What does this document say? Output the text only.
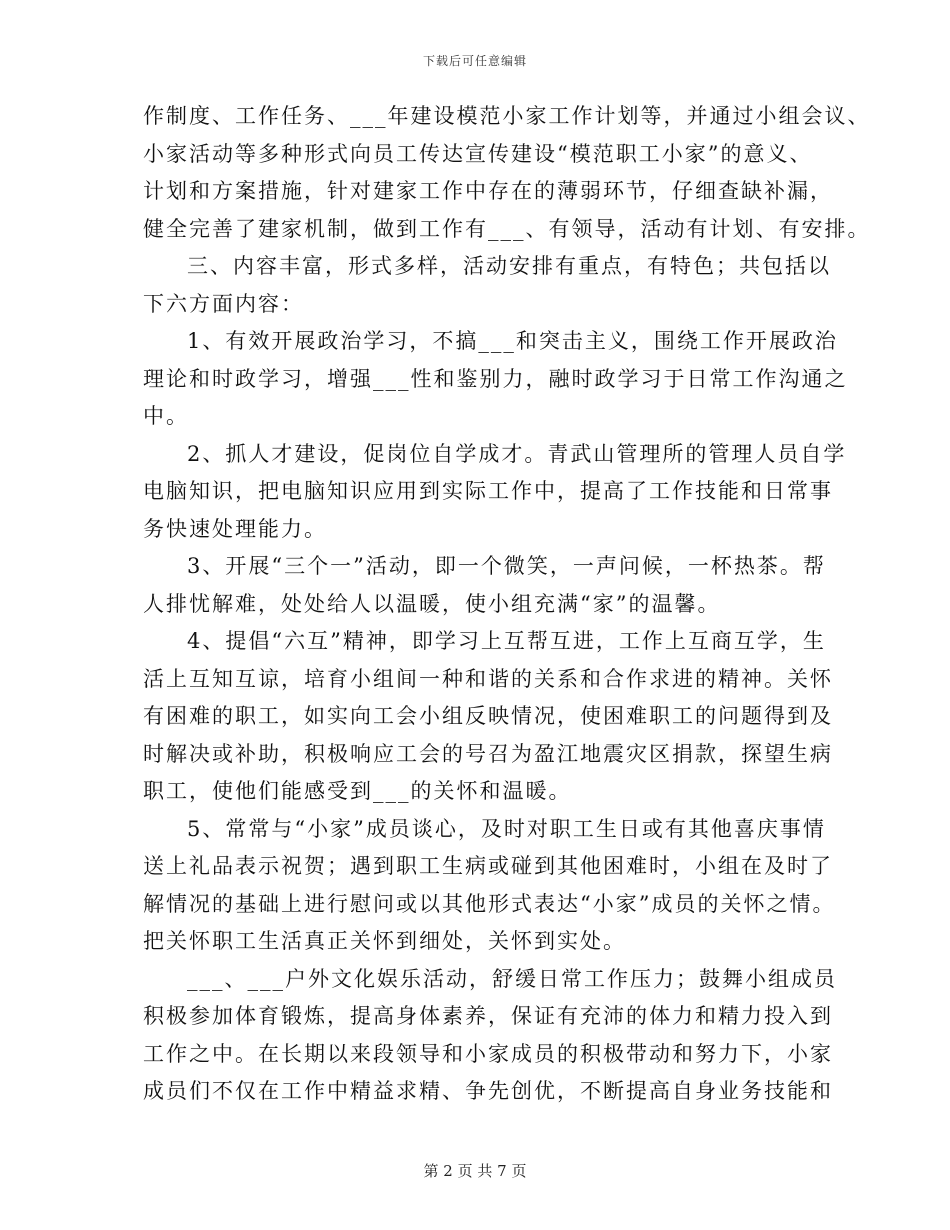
下载后可任意编辑
作制度、工作任务、___年建设模范小家工作计划等，并通过小组会议、
小家活动等多种形式向员工传达宣传建设“模范职工小家”的意义、
计划和方案措施，针对建家工作中存在的薄弱环节，仔细查缺补漏，
健全完善了建家机制，做到工作有___、有领导，活动有计划、有安排。
三、内容丰富，形式多样，活动安排有重点，有特色；共包括以
下六方面内容：
1、有效开展政治学习，不搞___和突击主义，围绕工作开展政治
理论和时政学习，增强___性和鉴别力，融时政学习于日常工作沟通之
中。
2、抓人才建设，促岗位自学成才。青武山管理所的管理人员自学
电脑知识，把电脑知识应用到实际工作中，提高了工作技能和日常事
务快速处理能力。
3、开展“三个一”活动，即一个微笑，一声问候，一杯热茶。帮
人排忧解难，处处给人以温暖，使小组充满“家”的温馨。
4、提倡“六互”精神，即学习上互帮互进，工作上互商互学，生
活上互知互谅，培育小组间一种和谐的关系和合作求进的精神。关怀
有困难的职工，如实向工会小组反映情况，使困难职工的问题得到及
时解决或补助，积极响应工会的号召为盈江地震灾区捐款，探望生病
职工，使他们能感受到___的关怀和温暖。
5、常常与“小家”成员谈心，及时对职工生日或有其他喜庆事情
送上礼品表示祝贺；遇到职工生病或碰到其他困难时，小组在及时了
解情况的基础上进行慰问或以其他形式表达“小家”成员的关怀之情。
把关怀职工生活真正关怀到细处，关怀到实处。
___、___户外文化娱乐活动，舒缓日常工作压力；鼓舞小组成员
积极参加体育锻炼，提高身体素养，保证有充沛的体力和精力投入到
工作之中。在长期以来段领导和小家成员的积极带动和努力下，小家
成员们不仅在工作中精益求精、争先创优，不断提高自身业务技能和
第 2 页 共 7 页
